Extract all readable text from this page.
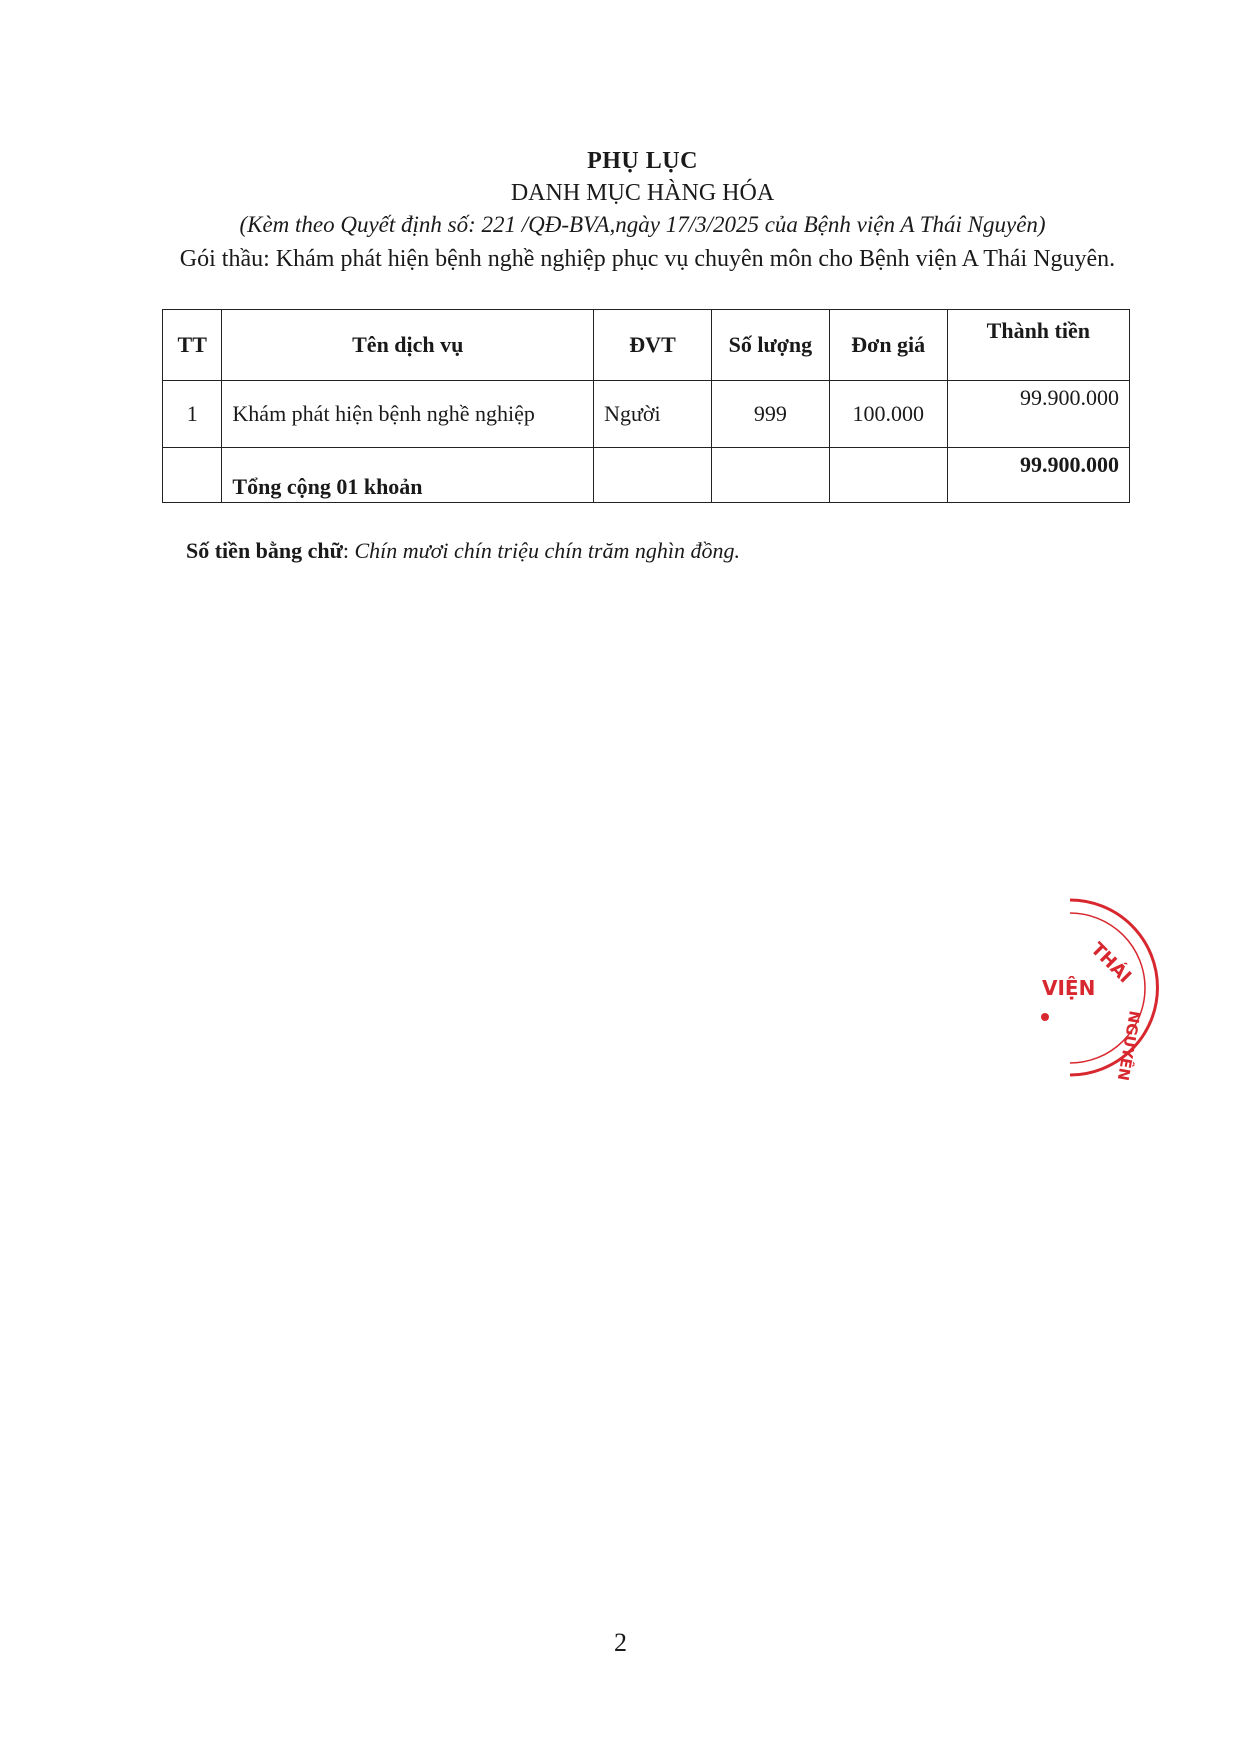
PHỤ LỤC
DANH MỤC HÀNG HÓA
(Kèm theo Quyết định số: 221 /QĐ-BVA,ngày 17/3/2025 của Bệnh viện A Thái Nguyên)
Gói thầu: Khám phát hiện bệnh nghề nghiệp phục vụ chuyên môn cho Bệnh viện A Thái Nguyên.
TT	Tên dịch vụ	ĐVT	Số lượng	Đơn giá	Thành tiền
1	Khám phát hiện bệnh nghề nghiệp	Người	999	100.000	99.900.000
	Tổng cộng 01 khoản				99.900.000
Số tiền bằng chữ: Chín mươi chín triệu chín trăm nghìn đồng.
THÁI
VIỆN
NGUYÊN
2
